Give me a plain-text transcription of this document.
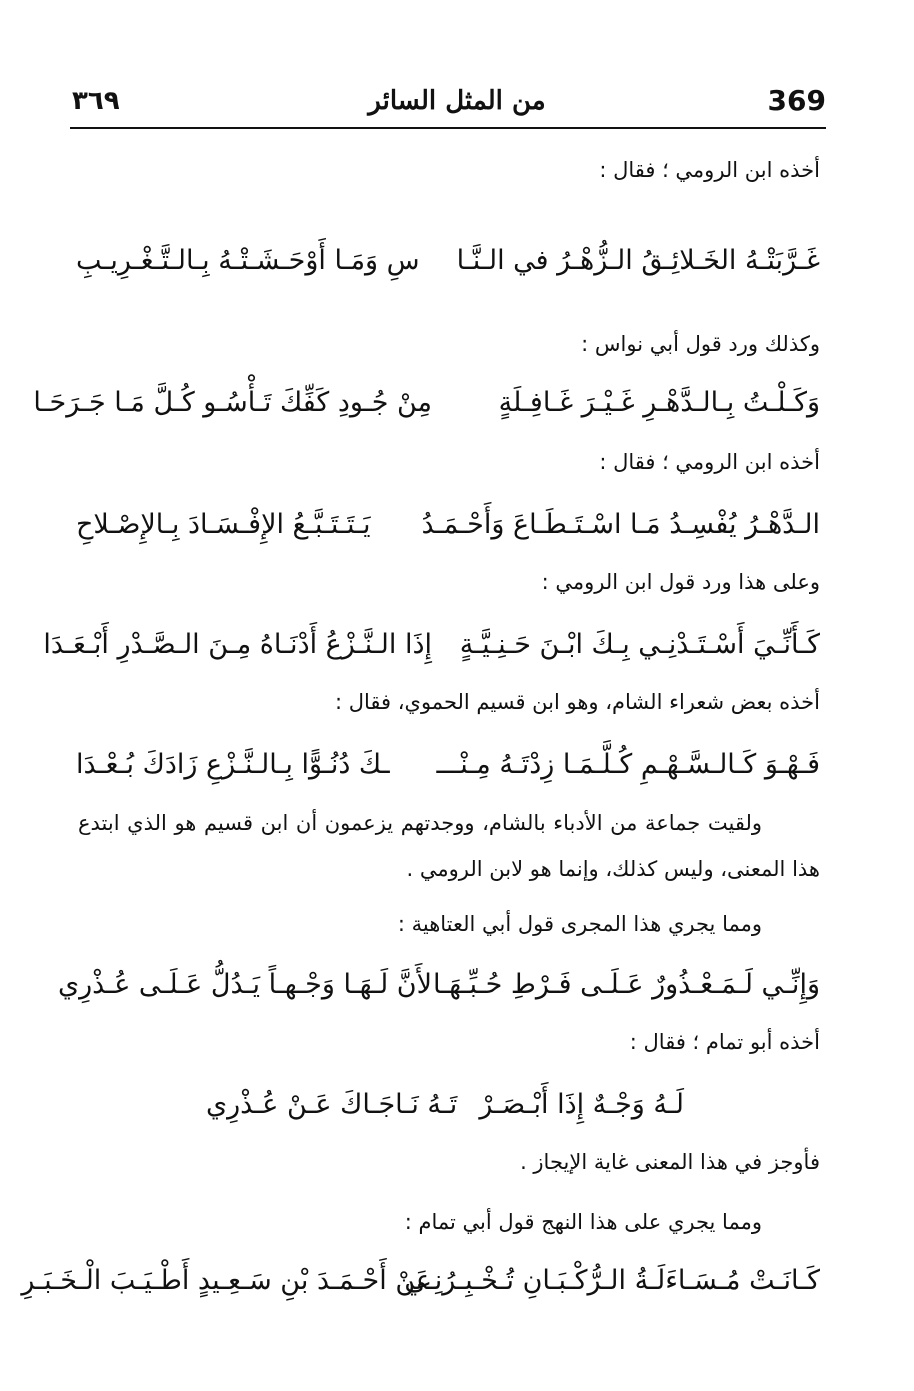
٣٦٩	من المثل السائر	369
أخذه ابن الرومي ؛ فقال :
غَـرَّبَتْـهُ الخَـلائِـقُ الـزُّهْـرُ في الـنَّـا
سِ وَمَـا أَوْحَـشَـتْـهُ بِـالـتَّـغْـرِيـبِ
وكذلك ورد قول أبي نواس :
وَكَـلْـتُ بِـالـدَّهْـرِ غَـيْـرَ غَـافِـلَةٍ
مِنْ جُـودِ كَفِّكَ تَـأْسُـو كُـلَّ مَـا جَـرَحَـا
أخذه ابن الرومي ؛ فقال :
الـدَّهْـرُ يُفْسِـدُ مَـا اسْـتَـطَـاعَ وَأَحْـمَـدُ
يَـتَـتَـبَّـعُ الإِفْـسَـادَ بِـالإِصْـلاحِ
وعلى هذا ورد قول ابن الرومي :
كَـأَنِّـيَ أَسْـتَـدْنِـي بِـكَ ابْـنَ حَـنِـيَّـةٍ
إِذَا الـنَّـزْعُ أَدْنَـاهُ مِـنَ الـصَّـدْرِ أَبْـعَـدَا
أخذه بعض شعراء الشام، وهو ابن قسيم الحموي، فقال :
فَـهْـوَ كَـالـسَّـهْـمِ كُـلَّـمَـا زِدْتَـهُ مِـنْـــ
ـكَ دُنُـوًّا بِـالـنَّـزْعِ زَادَكَ بُـعْـدَا
ولقيت جماعة من الأدباء بالشام، ووجدتهم يزعمون أن ابن قسيم هو الذي ابتدع هذا المعنى، وليس كذلك، وإنما هو لابن الرومي .
ومما يجري هذا المجرى قول أبي العتاهية :
وَإِنِّـي لَـمَـعْـذُورٌ عَـلَـى فَـرْطِ حُـبِّـهَـا
لأَنَّ لَـهَـا وَجْـهـاً يَـدُلُّ عَـلَـى عُـذْرِي
أخذه أبو تمام ؛ فقال :
لَـهُ وَجْـهٌ إِذَا أَبْـصَـرْ
تَـهُ نَـاجَـاكَ عَـنْ عُـذْرِي
فأوجز في هذا المعنى غاية الإيجاز .
ومما يجري على هذا النهج قول أبي تمام :
كَـانَـتْ مُـسَـاءَلَـةُ الـرُّكْـبَـانِ تُـخْـبِـرُنِـي
عَنْ أَحْـمَـدَ بْنِ سَـعِـيدٍ أَطْـيَـبَ الْـخَـبَـرِ
